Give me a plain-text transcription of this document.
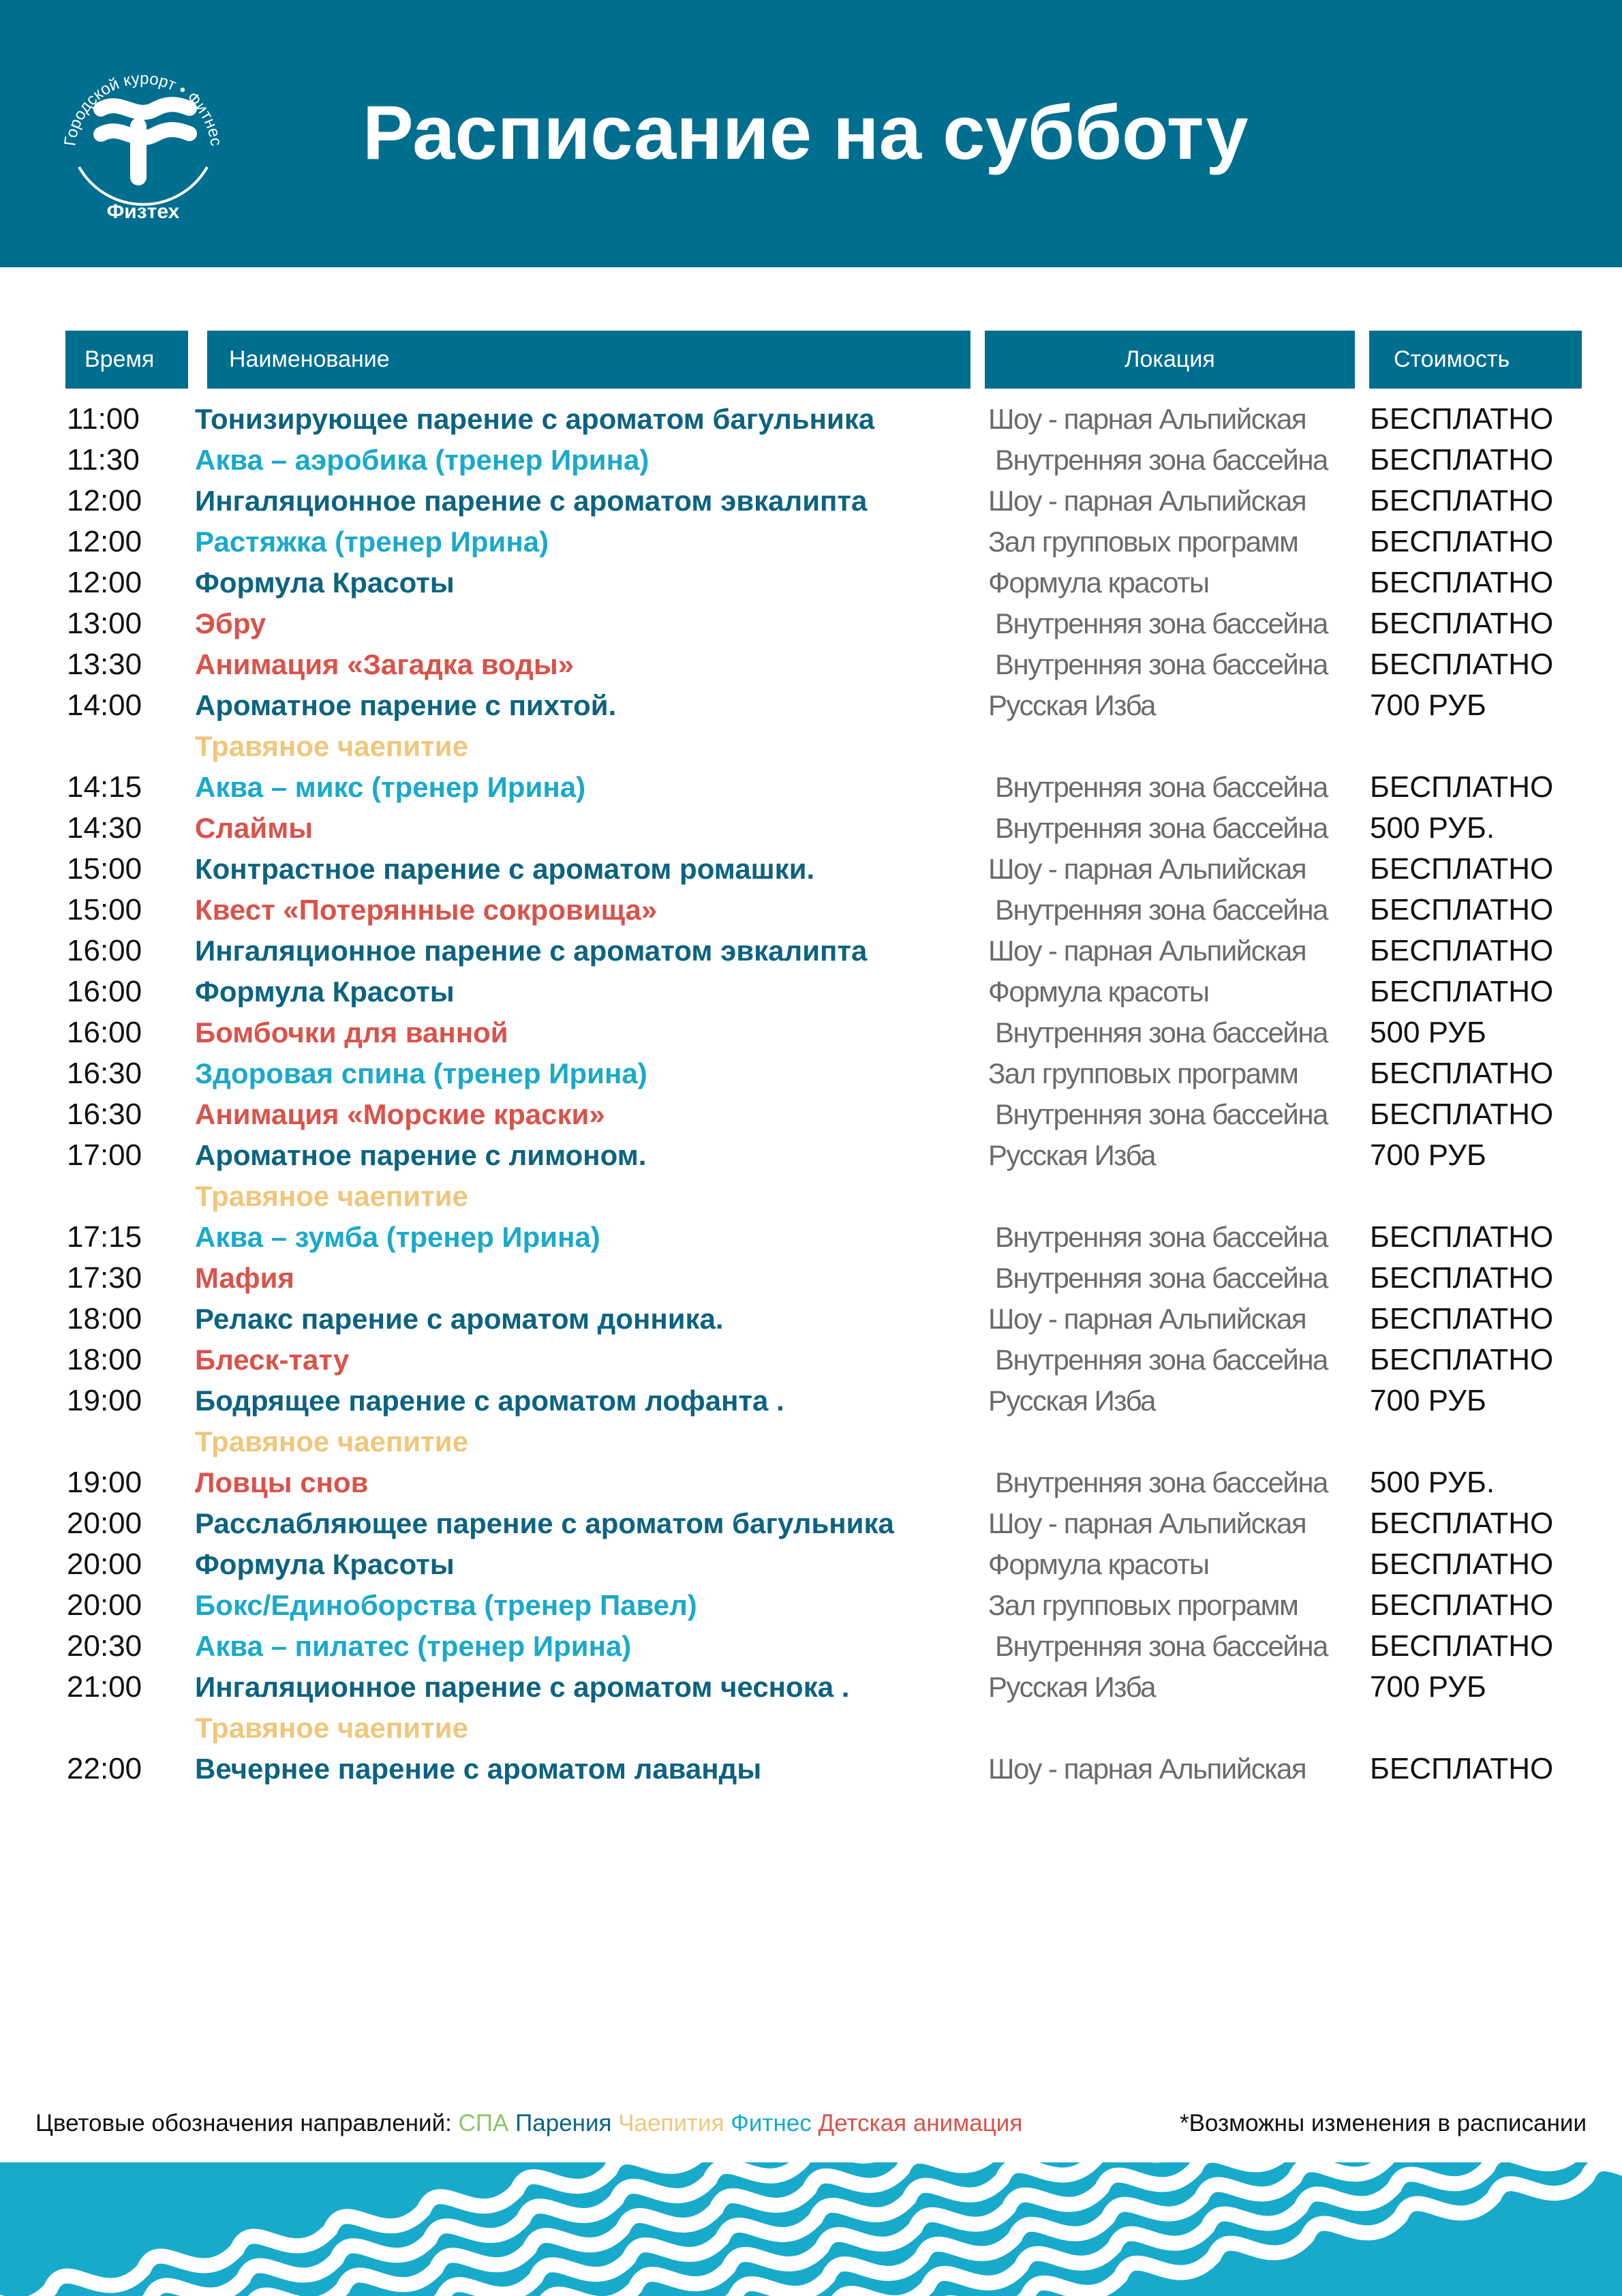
Городской курорт • Фитнес
Физтех
Расписание на субботу
Время	Наименование	Локация	Стоимость
11:00 Тонизирующее парение с ароматом багульника	Шоу - парная Альпийская БЕСПЛАТНО
11:30 Аква – аэробика (тренер Ирина)	Внутренняя зона бассейна БЕСПЛАТНО
12:00 Ингаляционное парение с ароматом эвкалипта	Шоу - парная Альпийская БЕСПЛАТНО
12:00 Растяжка (тренер Ирина)	Зал групповых программ БЕСПЛАТНО
12:00 Формула Красоты	Формула красоты	БЕСПЛАТНО
13:00 Эбру	Внутренняя зона бассейна БЕСПЛАТНО
13:30 Анимация «Загадка воды»	Внутренняя зона бассейна БЕСПЛАТНО
14:00 Ароматное парение с пихтой.	Русская Изба	700 РУБ
Травяное чаепитие
14:15 Аква – микс (тренер Ирина)	Внутренняя зона бассейна БЕСПЛАТНО
14:30 Слаймы	Внутренняя зона бассейна 500 РУБ.
15:00 Контрастное парение с ароматом ромашки.	Шоу - парная Альпийская БЕСПЛАТНО
15:00 Квест «Потерянные сокровища»	Внутренняя зона бассейна БЕСПЛАТНО
16:00 Ингаляционное парение с ароматом эвкалипта	Шоу - парная Альпийская БЕСПЛАТНО
16:00 Формула Красоты	Формула красоты	БЕСПЛАТНО
16:00 Бомбочки для ванной	Внутренняя зона бассейна 500 РУБ
16:30 Здоровая спина (тренер Ирина)	Зал групповых программ БЕСПЛАТНО
16:30 Анимация «Морские краски»	Внутренняя зона бассейна БЕСПЛАТНО
17:00 Ароматное парение с лимоном.	Русская Изба	700 РУБ
Травяное чаепитие
17:15 Аква – зумба (тренер Ирина)	Внутренняя зона бассейна БЕСПЛАТНО
17:30 Мафия	Внутренняя зона бассейна БЕСПЛАТНО
18:00 Релакс парение с ароматом донника.	Шоу - парная Альпийская БЕСПЛАТНО
18:00 Блеск-тату	Внутренняя зона бассейна БЕСПЛАТНО
19:00 Бодрящее парение с ароматом лофанта .	Русская Изба	700 РУБ
Травяное чаепитие
19:00 Ловцы снов	Внутренняя зона бассейна 500 РУБ.
20:00 Расслабляющее парение с ароматом багульника	Шоу - парная Альпийская БЕСПЛАТНО
20:00 Формула Красоты	Формула красоты	БЕСПЛАТНО
20:00 Бокс/Единоборства (тренер Павел)	Зал групповых программ БЕСПЛАТНО
20:30 Аква – пилатес (тренер Ирина)	Внутренняя зона бассейна БЕСПЛАТНО
21:00 Ингаляционное парение с ароматом чеснока .	Русская Изба	700 РУБ
Травяное чаепитие
22:00 Вечернее парение с ароматом лаванды	Шоу - парная Альпийская БЕСПЛАТНО
Цветовые обозначения направлений: СПА Парения Чаепития Фитнес Детская анимация	*Возможны изменения в расписании
